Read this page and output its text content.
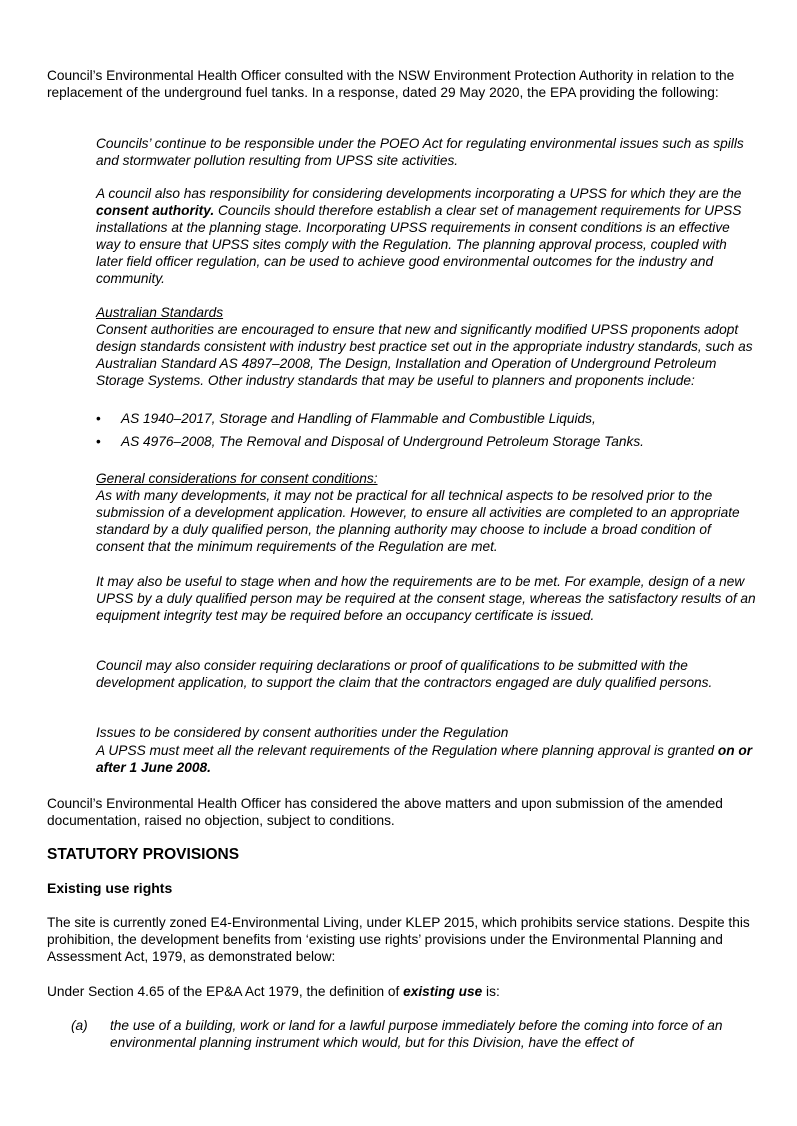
Council’s Environmental Health Officer consulted with the NSW Environment Protection Authority in relation to the replacement of the underground fuel tanks. In a response, dated 29 May 2020, the EPA providing the following:

Councils’ continue to be responsible under the POEO Act for regulating environmental issues such as spills and stormwater pollution resulting from UPSS site activities.

A council also has responsibility for considering developments incorporating a UPSS for which they are the consent authority. Councils should therefore establish a clear set of management requirements for UPSS installations at the planning stage. Incorporating UPSS requirements in consent conditions is an effective way to ensure that UPSS sites comply with the Regulation. The planning approval process, coupled with later field officer regulation, can be used to achieve good environmental outcomes for the industry and community.

Australian Standards

Consent authorities are encouraged to ensure that new and significantly modified UPSS proponents adopt design standards consistent with industry best practice set out in the appropriate industry standards, such as Australian Standard AS 4897–2008, The Design, Installation and Operation of Underground Petroleum Storage Systems. Other industry standards that may be useful to planners and proponents include:

• AS 1940–2017, Storage and Handling of Flammable and Combustible Liquids,
• AS 4976–2008, The Removal and Disposal of Underground Petroleum Storage Tanks.

General considerations for consent conditions:

As with many developments, it may not be practical for all technical aspects to be resolved prior to the submission of a development application. However, to ensure all activities are completed to an appropriate standard by a duly qualified person, the planning authority may choose to include a broad condition of consent that the minimum requirements of the Regulation are met.

It may also be useful to stage when and how the requirements are to be met. For example, design of a new UPSS by a duly qualified person may be required at the consent stage, whereas the satisfactory results of an equipment integrity test may be required before an occupancy certificate is issued.

Council may also consider requiring declarations or proof of qualifications to be submitted with the development application, to support the claim that the contractors engaged are duly qualified persons.

Issues to be considered by consent authorities under the Regulation

A UPSS must meet all the relevant requirements of the Regulation where planning approval is granted on or after 1 June 2008.

Council’s Environmental Health Officer has considered the above matters and upon submission of the amended documentation, raised no objection, subject to conditions.

STATUTORY PROVISIONS

Existing use rights

The site is currently zoned E4-Environmental Living, under KLEP 2015, which prohibits service stations. Despite this prohibition, the development benefits from ‘existing use rights’ provisions under the Environmental Planning and Assessment Act, 1979, as demonstrated below:

Under Section 4.65 of the EP&A Act 1979, the definition of existing use is:

(a) the use of a building, work or land for a lawful purpose immediately before the coming into force of an environmental planning instrument which would, but for this Division, have the effect of
